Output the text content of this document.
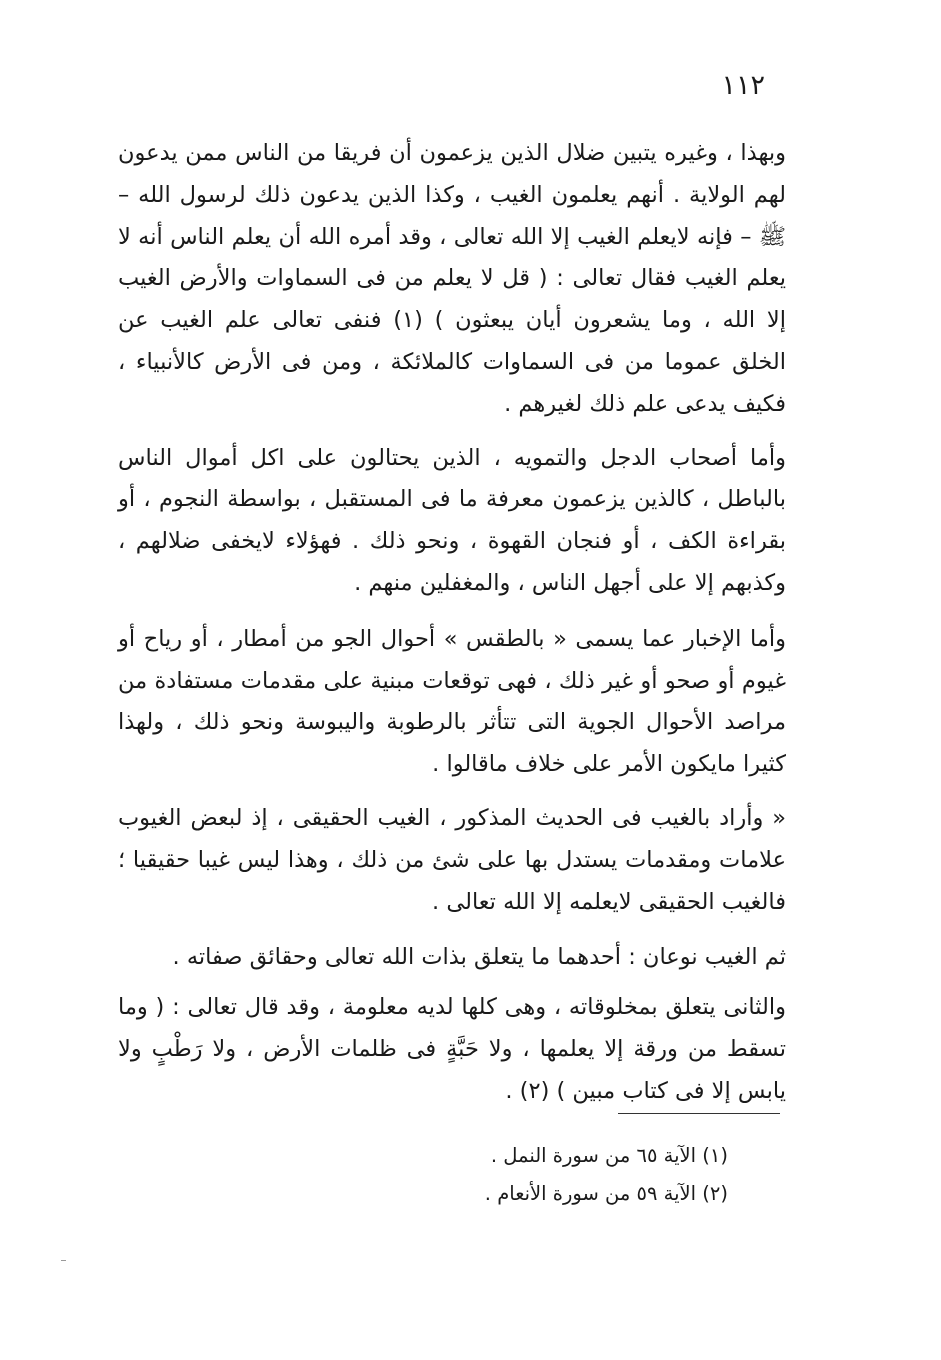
١١٢

وبهذا ، وغيره يتبين ضلال الذين يزعمون أن فريقا من الناس ممن يدعون لهم الولاية . أنهم يعلمون الغيب ، وكذا الذين يدعون ذلك لرسول الله – ﷺ – فإنه لايعلم الغيب إلا الله تعالى ، وقد أمره الله أن يعلم الناس أنه لا يعلم الغيب فقال تعالى : ( قل لا يعلم من فى السماوات والأرض الغيب إلا الله ، وما يشعرون أيان يبعثون ) (١) فنفى تعالى علم الغيب عن الخلق عموما من فى السماوات كالملائكة ، ومن فى الأرض كالأنبياء ، فكيف يدعى علم ذلك لغيرهم .

وأما أصحاب الدجل والتمويه ، الذين يحتالون على اكل أموال الناس بالباطل ، كالذين يزعمون معرفة ما فى المستقبل ، بواسطة النجوم ، أو بقراءة الكف ، أو فنجان القهوة ، ونحو ذلك . فهؤلاء لايخفى ضلالهم ، وكذبهم إلا على أجهل الناس ، والمغفلين منهم .

وأما الإخبار عما يسمى « بالطقس » أحوال الجو من أمطار ، أو رياح أو غيوم أو صحو أو غير ذلك ، فهى توقعات مبنية على مقدمات مستفادة من مراصد الأحوال الجوية التى تتأثر بالرطوبة واليبوسة ونحو ذلك ، ولهذا كثيرا مايكون الأمر على خلاف ماقالوا .

« وأراد بالغيب فى الحديث المذكور ، الغيب الحقيقى ، إذ لبعض الغيوب علامات ومقدمات يستدل بها على شئ من ذلك ، وهذا ليس غيبا حقيقيا ؛ فالغيب الحقيقى لايعلمه إلا الله تعالى .

ثم الغيب نوعان : أحدهما ما يتعلق بذات الله تعالى وحقائق صفاته .

والثانى يتعلق بمخلوقاته ، وهى كلها لديه معلومة ، وقد قال تعالى : ( وما تسقط من ورقة إلا يعلمها ، ولا حَبَّةٍ فى ظلمات الأرض ، ولا رَطْبٍ ولا يابس إلا فى كتاب مبين ) (٢) .

(١) الآية ٦٥ من سورة النمل .

(٢) الآية ٥٩ من سورة الأنعام .
